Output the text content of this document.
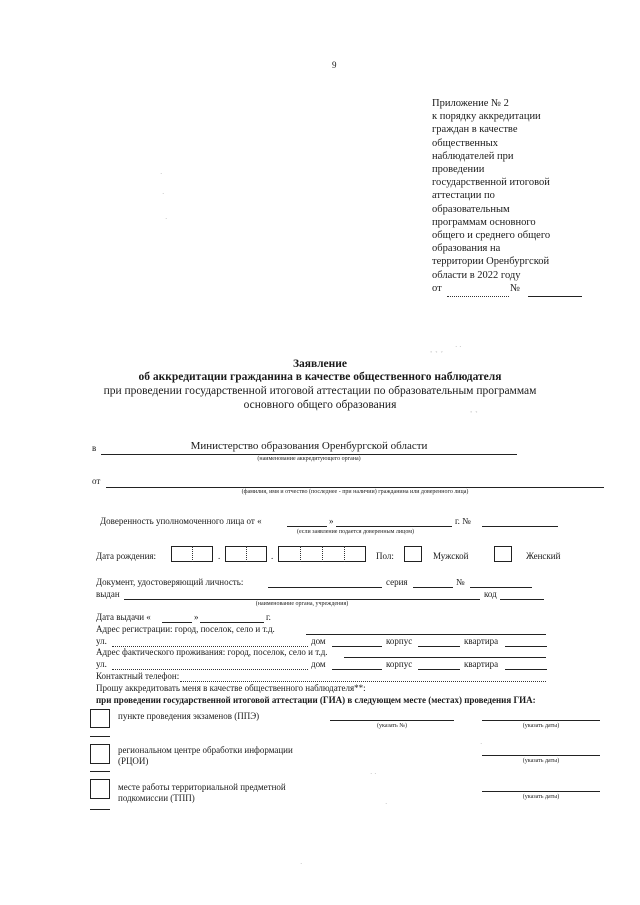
9
Приложение № 2
к порядку аккредитации
граждан в качестве
общественных
наблюдателей при
проведении
государственной итоговой
аттестации по
образовательным
программам основного
общего и среднего общего
образования на
территории Оренбургской
области в 2022 году
от	№
·
·
·
· ·
ﾞ ﾞ ﾞ
ﾞ ﾞ
·
· ·
·
·
Заявление
об аккредитации гражданина в качестве общественного наблюдателя
при проведении государственной итоговой аттестации по образовательным программам
основного общего образования
в	Министерство образования Оренбургской области
(наименование аккредитующего органа)
от
(фамилия, имя и отчество (последнее - при наличии) гражданина или доверенного лица)
Доверенность уполномоченного лица от «	»	г. №
(если заявление подается доверенным лицом)
Дата рождения:	.	.	Пол:	Мужской	Женский
Документ, удостоверяющий личность:	серия	№
выдан	код
(наименование органа, учреждения)
Дата выдачи «	»	г.
Адрес регистрации: город, поселок, село и т.д.
ул.	дом	корпус	квартира
Адрес фактического проживания: город, поселок, село и т.д.
ул.	дом	корпус	квартира
Контактный телефон:
Прошу аккредитовать меня в качестве общественного наблюдателя**:
при проведении государственной итоговой аттестации (ГИА) в следующем месте (местах) проведения ГИА:
пункте проведения экзаменов (ППЭ)
(указать №)	(указать даты)
региональном центре обработки информации
(РЦОИ)	(указать даты)
месте работы территориальной предметной
подкомиссии (ТПП)	(указать даты)
